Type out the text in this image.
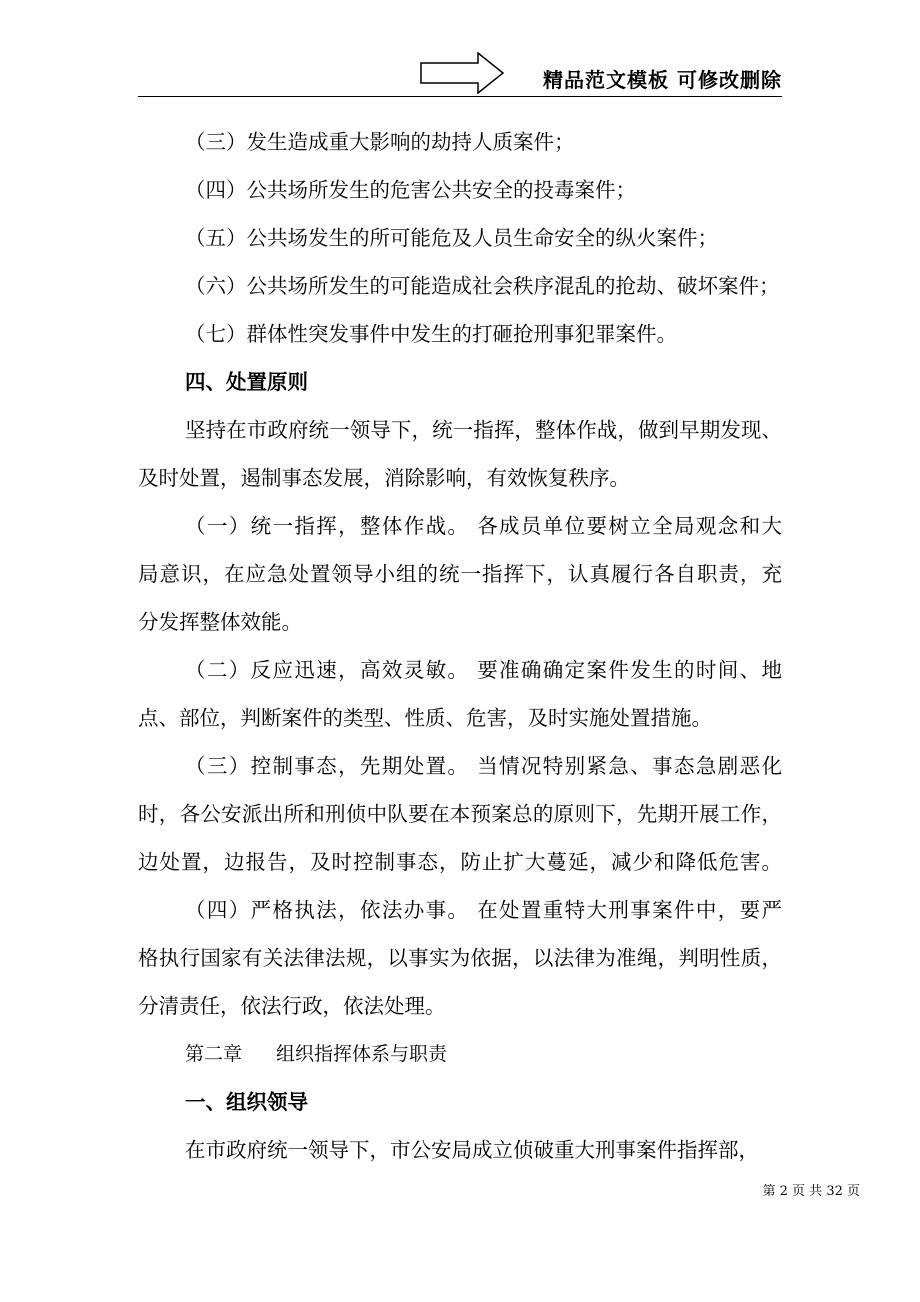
精品范文模板 可修改删除
（三）发生造成重大影响的劫持人质案件；
（四）公共场所发生的危害公共安全的投毒案件；
（五）公共场发生的所可能危及人员生命安全的纵火案件；
（六）公共场所发生的可能造成社会秩序混乱的抢劫、破坏案件；
（七）群体性突发事件中发生的打砸抢刑事犯罪案件。
四、处置原则
坚持在市政府统一领导下，统一指挥，整体作战，做到早期发现、
及时处置，遏制事态发展，消除影响，有效恢复秩序。
（一）统一指挥，整体作战。 各成员单位要树立全局观念和大
局意识，在应急处置领导小组的统一指挥下，认真履行各自职责，充
分发挥整体效能。
（二）反应迅速，高效灵敏。 要准确确定案件发生的时间、地
点、部位，判断案件的类型、性质、危害，及时实施处置措施。
（三）控制事态，先期处置。 当情况特别紧急、事态急剧恶化
时，各公安派出所和刑侦中队要在本预案总的原则下，先期开展工作，
边处置，边报告，及时控制事态，防止扩大蔓延，减少和降低危害。
（四）严格执法，依法办事。 在处置重特大刑事案件中，要严
格执行国家有关法律法规，以事实为依据，以法律为准绳，判明性质，
分清责任，依法行政，依法处理。
第二章 组织指挥体系与职责
一、组织领导
在市政府统一领导下，市公安局成立侦破重大刑事案件指挥部，
第 2 页 共 32 页
